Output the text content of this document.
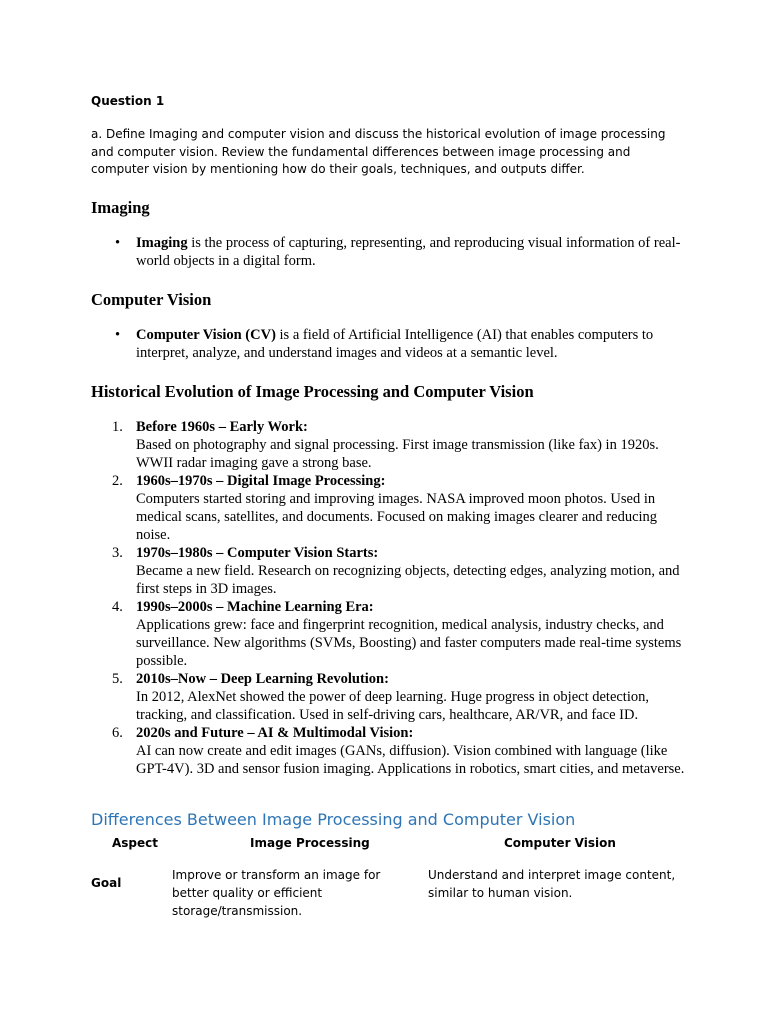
Question 1
a. Define Imaging and computer vision and discuss the historical evolution of image processing and computer vision. Review the fundamental differences between image processing and computer vision by mentioning how do their goals, techniques, and outputs differ.
Imaging
• Imaging is the process of capturing, representing, and reproducing visual information of real-world objects in a digital form.
Computer Vision
• Computer Vision (CV) is a field of Artificial Intelligence (AI) that enables computers to interpret, analyze, and understand images and videos at a semantic level.
Historical Evolution of Image Processing and Computer Vision
1. Before 1960s – Early Work:
Based on photography and signal processing. First image transmission (like fax) in 1920s. WWII radar imaging gave a strong base.
2. 1960s–1970s – Digital Image Processing:
Computers started storing and improving images. NASA improved moon photos. Used in medical scans, satellites, and documents. Focused on making images clearer and reducing noise.
3. 1970s–1980s – Computer Vision Starts:
Became a new field. Research on recognizing objects, detecting edges, analyzing motion, and first steps in 3D images.
4. 1990s–2000s – Machine Learning Era:
Applications grew: face and fingerprint recognition, medical analysis, industry checks, and surveillance. New algorithms (SVMs, Boosting) and faster computers made real-time systems possible.
5. 2010s–Now – Deep Learning Revolution:
In 2012, AlexNet showed the power of deep learning. Huge progress in object detection, tracking, and classification. Used in self-driving cars, healthcare, AR/VR, and face ID.
6. 2020s and Future – AI & Multimodal Vision:
AI can now create and edit images (GANs, diffusion). Vision combined with language (like GPT-4V). 3D and sensor fusion imaging. Applications in robotics, smart cities, and metaverse.
Differences Between Image Processing and Computer Vision
Aspect	Image Processing	Computer Vision
Goal
Improve or transform an image for better quality or efficient storage/transmission.
Understand and interpret image content, similar to human vision.
